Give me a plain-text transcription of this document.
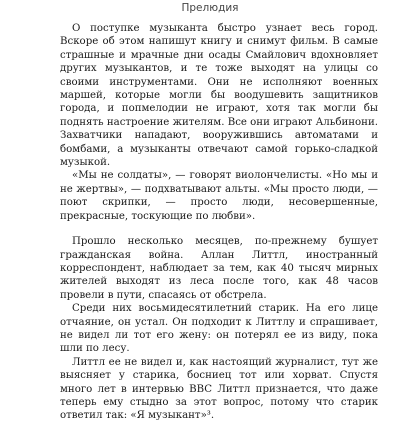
Прелюдия

О поступке музыканта быстро узнает весь город. Вскоре об этом напишут книгу и снимут фильм. В самые страшные и мрачные дни осады Смайлович вдохновляет других музыкантов, и те тоже выходят на улицы со своими инструментами. Они не исполняют военных маршей, которые могли бы воодушевить защитников города, и попмелодии не играют, хотя так могли бы поднять настроение жителям. Все они играют Альбинони. Захватчики нападают, вооружившись автоматами и бомбами, а музыканты отвечают самой горько-сладкой музыкой.

«Мы не солдаты», — говорят виолончелисты. «Но мы и не жертвы», — подхватывают альты. «Мы просто люди, — поют скрипки, — просто люди, несовершенные, прекрасные, тоскующие по любви».

Прошло несколько месяцев, по-прежнему бушует гражданская война. Аллан Литтл, иностранный корреспондент, наблюдает за тем, как 40 тысяч мирных жителей выходят из леса после того, как 48 часов провели в пути, спасаясь от обстрела.

Среди них восьмидесятилетний старик. На его лице отчаяние, он устал. Он подходит к Литтлу и спрашивает, не видел ли тот его жену: он потерял ее из виду, пока шли по лесу.

Литтл ее не видел и, как настоящий журналист, тут же выясняет у старика, босниец тот или хорват. Спустя много лет в интервью BBC Литтл признается, что даже теперь ему стыдно за этот вопрос, потому что старик ответил так: «Я музыкант»³.
